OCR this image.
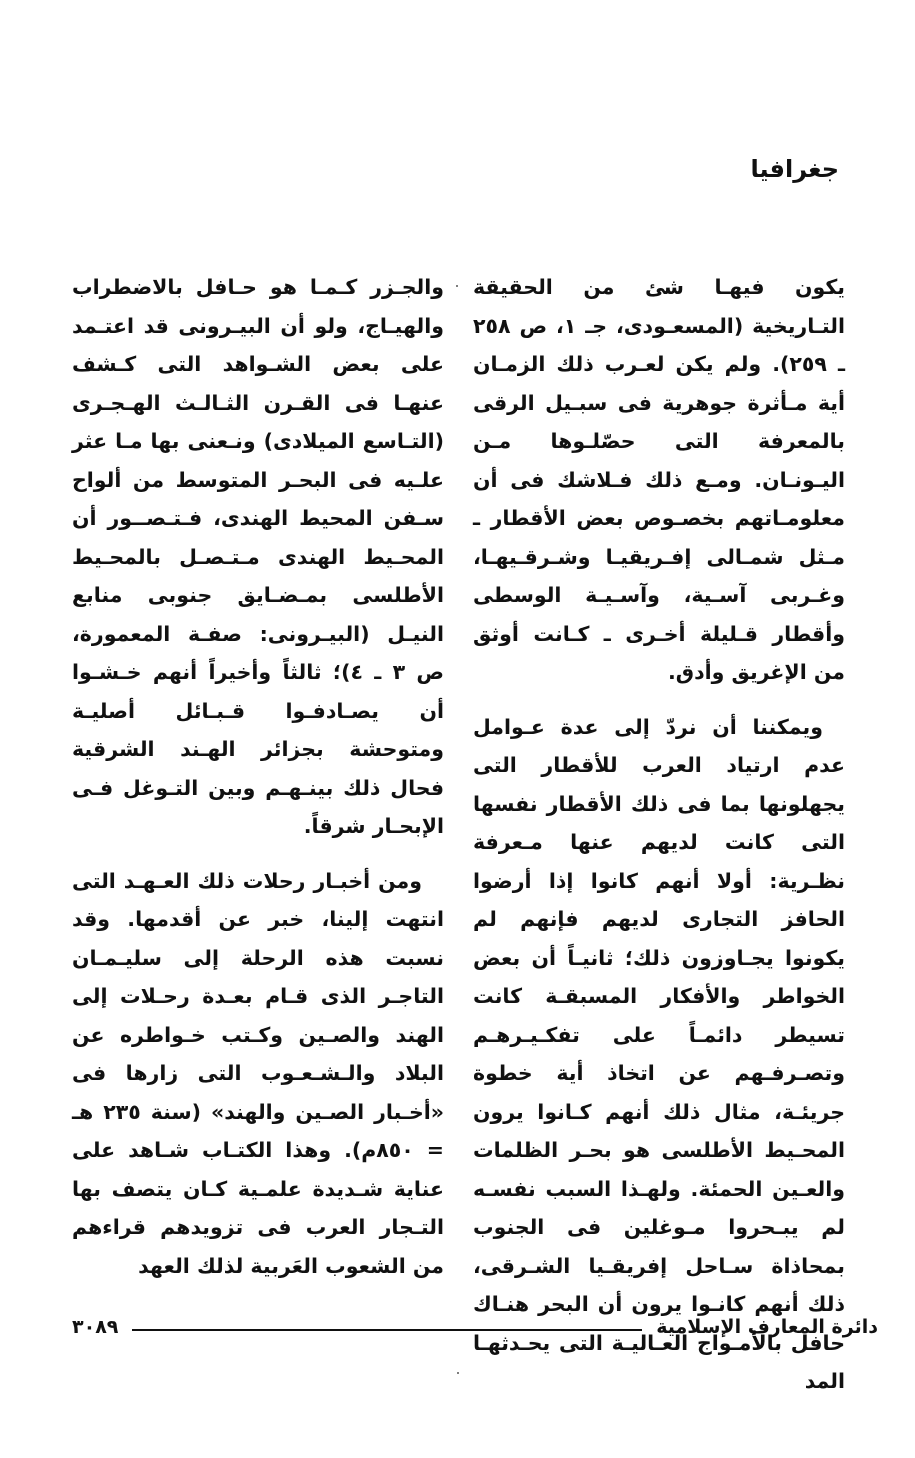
جغرافيا

يكون فيهـا شئ من الحقيقة التـاريخية (المسعـودى، جـ ١، ص ٢٥٨ ـ ٢٥٩). ولم يكن لعـرب ذلك الزمـان أية مـأثرة جوهرية فى سبـيل الرقى بالمعرفة التى حصّلـوها مـن اليـونـان. ومـع ذلك فـلاشك فى أن معلومـاتهم بخصـوص بعض الأقطار ـ مـثل شمـالى إفـريقيـا وشـرقـيهـا، وغـربى آسـية، وآسـيـة الوسطى وأقطار قـليلة أخـرى ـ كـانت أوثق من الإغريق وأدق.

ويمكننا أن نردّ إلى عدة عـوامل عدم ارتياد العرب للأقطار التى يجهلونها بما فى ذلك الأقطار نفسها التى كانت لديهم عنها مـعرفة نظـرية: أولا أنهم كانوا إذا أرضوا الحافز التجارى لديهم فإنهم لم يكونوا يجـاوزون ذلك؛ ثانيـاً أن بعض الخواطر والأفكار المسبقـة كانت تسيطر دائمـاً على تفكـيـرهـم وتصـرفـهم عن اتخاذ أية خطوة جريئـة، مثال ذلك أنهم كـانوا يرون المحـيط الأطلسى هو بحـر الظلمات والعـين الحمئة. ولهـذا السبب نفسـه لم يبـحروا مـوغلين فى الجنوب بمحاذاة سـاحل إفريقـيا الشـرقى، ذلك أنهم كانـوا يرون أن البحر هنـاك حافل بالأمـواج العـاليـة التى يحـدثهـا المد

والجـزر كـمـا هو حـافل بالاضطراب والهيـاج، ولو أن البيـرونى قد اعتـمد على بعض الشـواهد التى كـشف عنهـا فى القـرن الثـالـث الهـجـرى (التـاسع الميلادى) ونـعنى بها مـا عثر علـيه فى البحـر المتوسط من ألواح سـفن المحيط الهندى، فـتـصــور أن المحـيط الهندى مـتـصـل بالمحـيط الأطلسى بمـضـايق جنوبى منابع النيـل (البيـرونى: صفـة المعمورة، ص ٣ ـ ٤)؛ ثالثاً وأخيراً أنهم خـشـوا أن يصـادفـوا قـبـائل أصليـة ومتوحشة بجزائر الهـند الشرقية فحال ذلك بينـهـم وبين التـوغل فـى الإبحـار شرقاً.

ومن أخبـار رحلات ذلك العـهـد التى انتهت إلينا، خبر عن أقدمها. وقد نسبت هذه الرحلة إلى سليـمـان التاجـر الذى قـام بعـدة رحـلات إلى الهند والصـين وكـتب خـواطره عن البلاد والـشـعـوب التى زارها فى «أخـبار الصـين والهند» (سنة ٢٣٥ هـ = ٨٥٠م). وهذا الكتـاب شـاهد على عناية شـديدة علمـية كـان يتصف بها التـجار العرب فى تزويدهم قراءهم من الشعوب العَربية لذلك العهد

دائرة المعارف الإسلامية
٣٠٨٩
